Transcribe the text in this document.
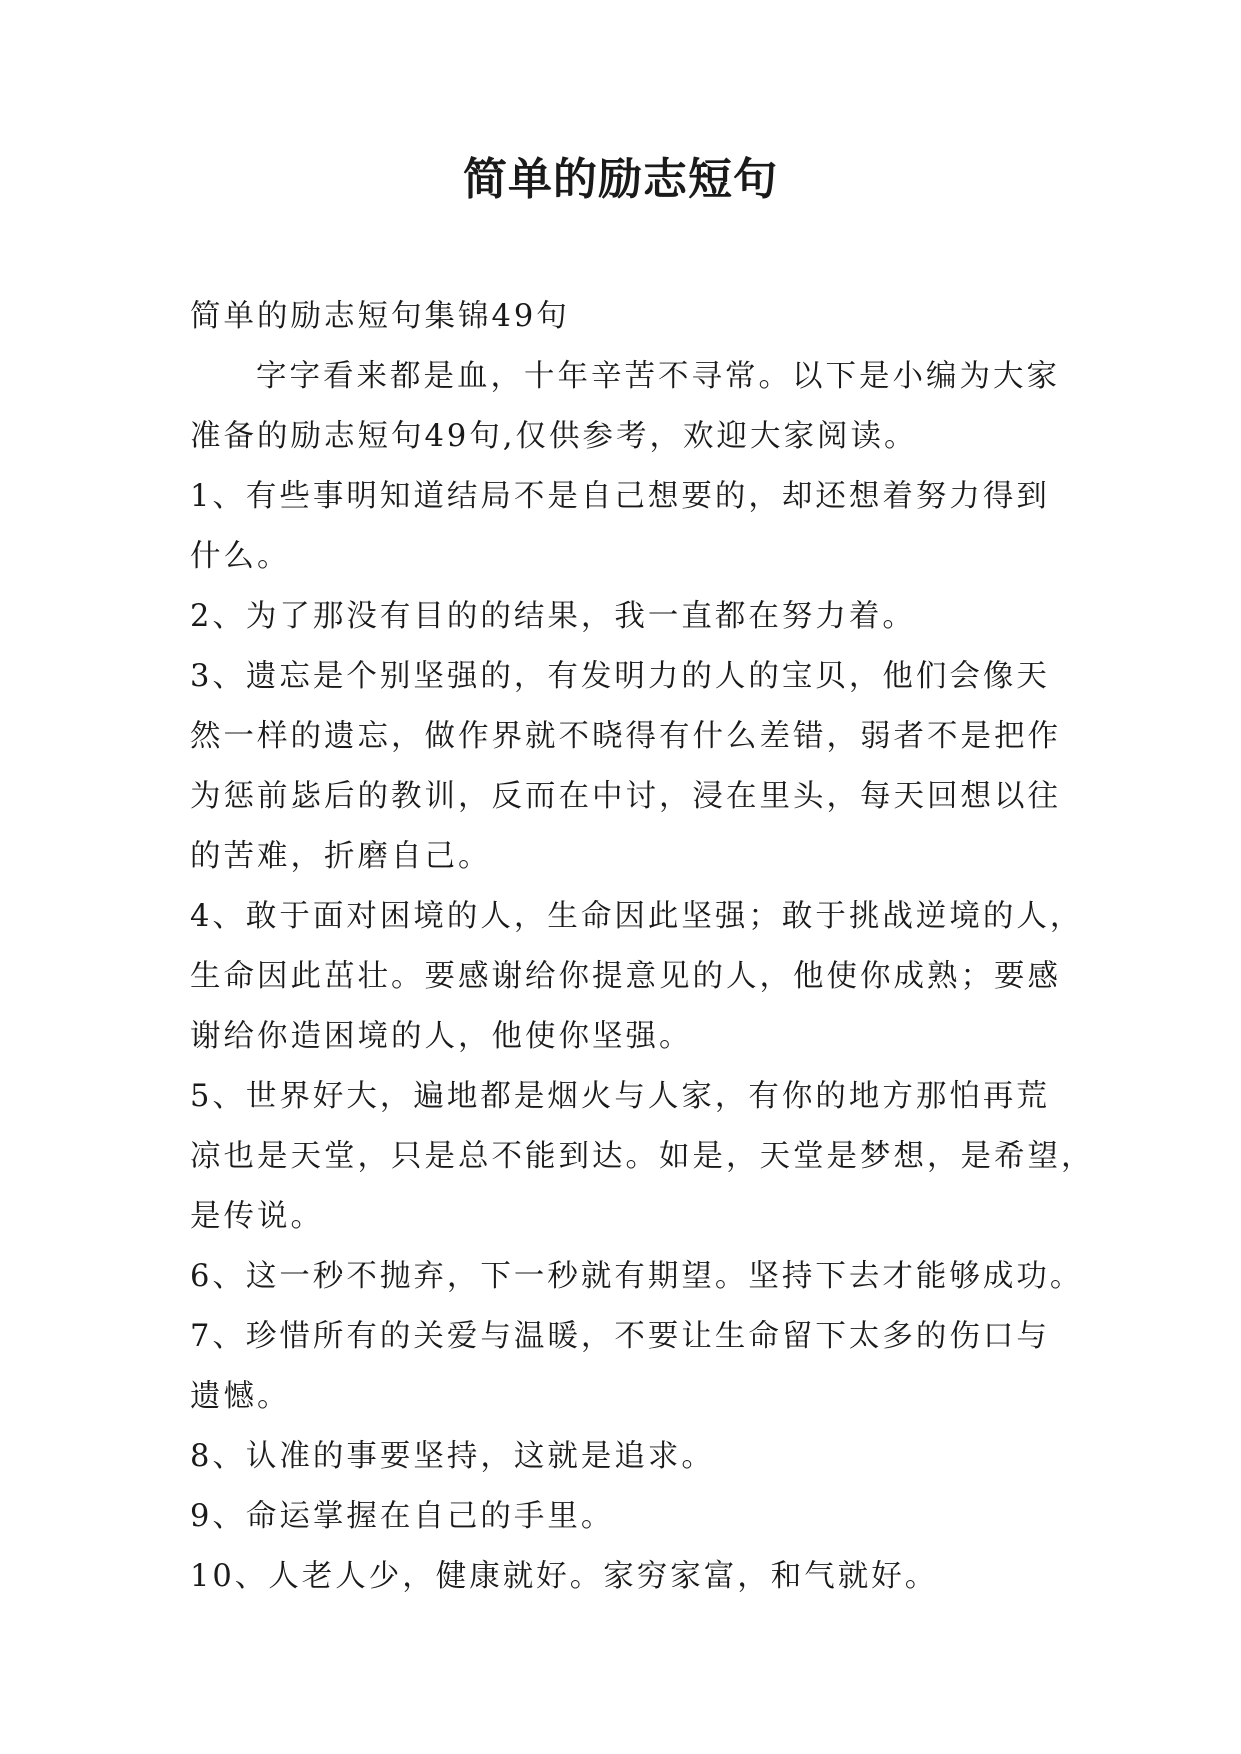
简单的励志短句
简单的励志短句集锦49句
字字看来都是血，十年辛苦不寻常。以下是小编为大家
准备的励志短句49句,仅供参考，欢迎大家阅读。
1、有些事明知道结局不是自己想要的，却还想着努力得到
什么。
2、为了那没有目的的结果，我一直都在努力着。
3、遗忘是个别坚强的，有发明力的人的宝贝，他们会像天
然一样的遗忘，做作界就不晓得有什么差错，弱者不是把作
为惩前毖后的教训，反而在中讨，浸在里头，每天回想以往
的苦难，折磨自己。
4、敢于面对困境的人，生命因此坚强；敢于挑战逆境的人，
生命因此茁壮。要感谢给你提意见的人，他使你成熟；要感
谢给你造困境的人，他使你坚强。
5、世界好大，遍地都是烟火与人家，有你的地方那怕再荒
凉也是天堂，只是总不能到达。如是，天堂是梦想，是希望，
是传说。
6、这一秒不抛弃，下一秒就有期望。坚持下去才能够成功。
7、珍惜所有的关爱与温暖，不要让生命留下太多的伤口与
遗憾。
8、认准的事要坚持，这就是追求。
9、命运掌握在自己的手里。
10、人老人少，健康就好。家穷家富，和气就好。
